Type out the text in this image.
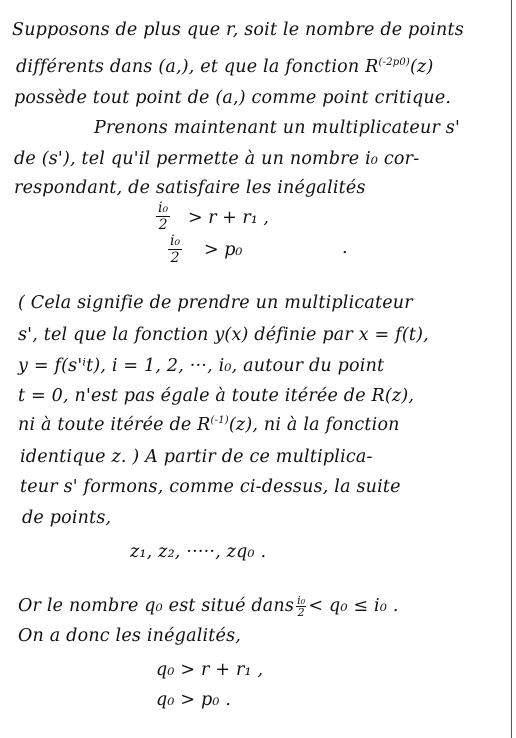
Supposons de plus que r, soit le nombre de points
différents dans (a,), et que la fonction $R^{(-2p0)}(z)$
possède tout point de (a,) comme point critique.
Prenons maintenant un multiplicateur s'
de (s'), tel qu'il permette à un nombre i₀ cor-
respondant, de satisfaire les inégalités
$\frac{\text{i₀}}{2} > r + r_1$ ,
$\frac{\text{i₀}}{2} > p_0$	.
( Cela signifie de prendre un multiplicateur
s', tel que la fonction y(x) définie par x = f(t),
y = f(s'ⁱt), i = 1, 2, ···, i₀, autour du point
t = 0, n'est pas égale à toute itérée de R(z),
ni à toute itérée de $R^{(-1)}(z)$, ni à la fonction
identique z. ) A partir de ce multiplica-
teur s' formons, comme ci-dessus, la suite
de points,
z₁, z₂, ·····, zq₀ .
Or le nombre q₀ est situé dans $\frac{\text{i₀}}{2} < q_0 \le i_0$ .
On a donc les inégalités,
q₀ > r + r₁ ,
q₀ > p₀ .
